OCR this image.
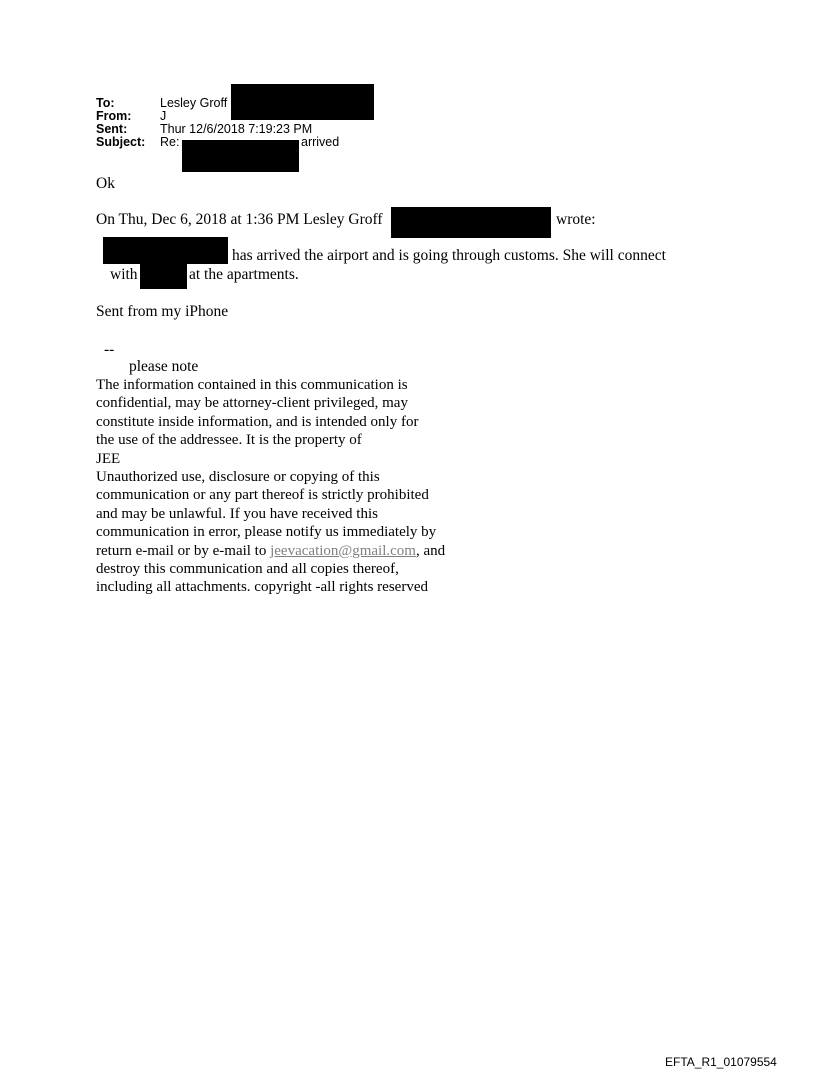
To:	Lesley Groff
From: J
Sent:	Thur 12/6/2018 7:19:23 PM
Subject: Re:	arrived
Ok
On Thu, Dec 6, 2018 at 1:36 PM Lesley Groff	wrote:
has arrived the airport and is going through customs. She will connect
with	at the apartments.
Sent from my iPhone
--
please note
The information contained in this communication is
confidential, may be attorney-client privileged, may
constitute inside information, and is intended only for
the use of the addressee. It is the property of
JEE
Unauthorized use, disclosure or copying of this
communication or any part thereof is strictly prohibited
and may be unlawful. If you have received this
communication in error, please notify us immediately by
return e-mail or by e-mail to jeevacation@gmail.com, and
destroy this communication and all copies thereof,
including all attachments. copyright -all rights reserved
EFTA_R1_01079554
